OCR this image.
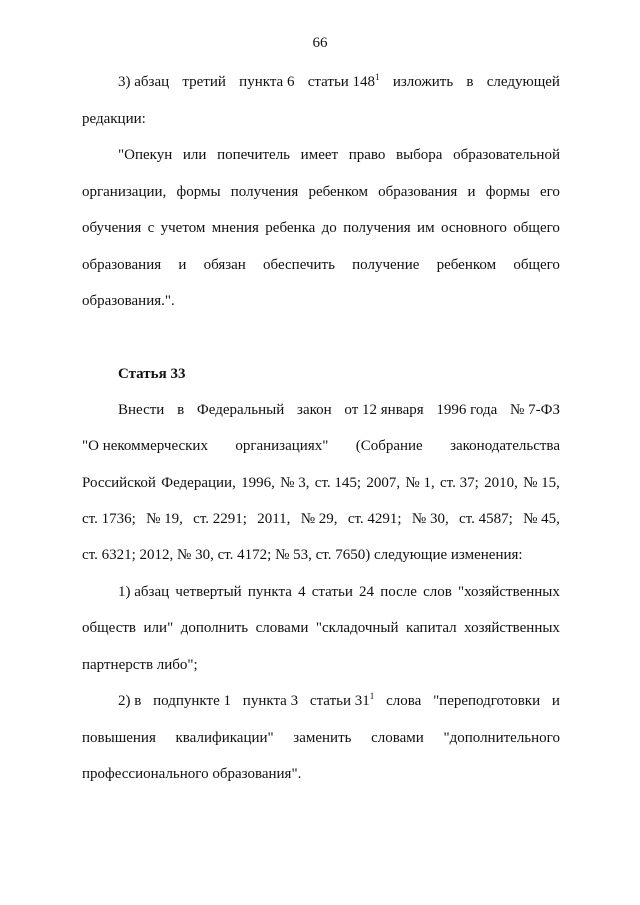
66
3) абзац третий пункта 6 статьи $148^1$ изложить в следующей
редакции:
"Опекун или попечитель имеет право выбора образовательной
организации, формы получения ребенком образования и формы его
обучения с учетом мнения ребенка до получения им основного общего
образования и обязан обеспечить получение ребенком общего
образования.".
Статья 33
Внести в Федеральный закон от 12 января 1996 года № 7-ФЗ
"О некоммерческих организациях" (Собрание законодательства
Российской Федерации, 1996, № 3, ст. 145; 2007, № 1, ст. 37; 2010, № 15,
ст. 1736; № 19, ст. 2291; 2011, № 29, ст. 4291; № 30, ст. 4587; № 45,
ст. 6321; 2012, № 30, ст. 4172; № 53, ст. 7650) следующие изменения:
1) абзац четвертый пункта 4 статьи 24 после слов "хозяйственных
обществ или" дополнить словами "складочный капитал хозяйственных
партнерств либо";
2) в подпункте 1 пункта 3 статьи $31^1$ слова "переподготовки и
повышения квалификации" заменить словами "дополнительного
профессионального образования".
